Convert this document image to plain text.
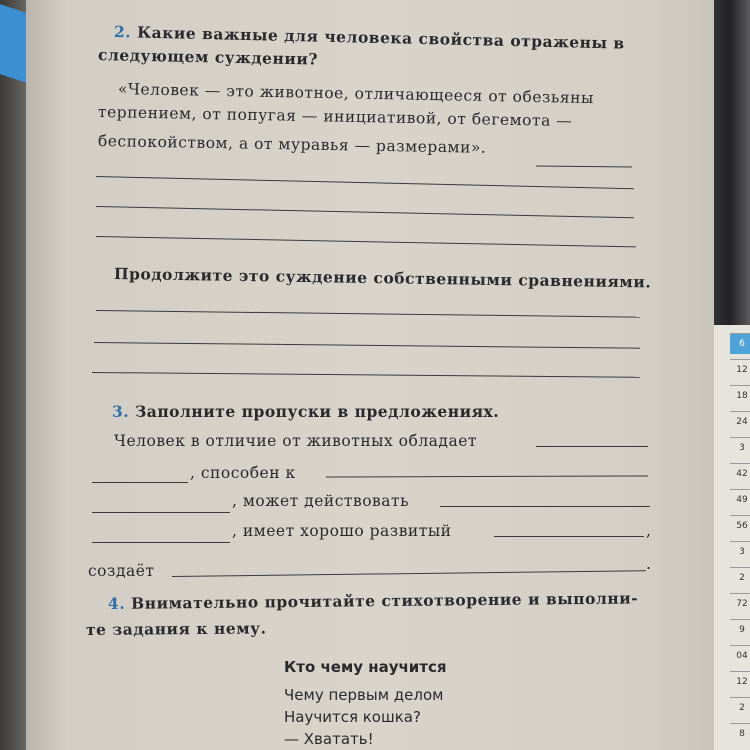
6
12
18
24
3
42
49
56
3
2
72
9
04
12
2
8
2. Какие важные для человека свойства отражены в
следующем суждении?
«Человек — это животное, отличающееся от обезьяны
терпением, от попугая — инициативой, от бегемота —
беспокойством, а от муравья — размерами».
Продолжите это суждение собственными сравнениями.
3. Заполните пропуски в предложениях.
Человек в отличие от животных обладает
, способен к
, может действовать
, имеет хорошо развитый	,
создаёт	.
4. Внимательно прочитайте стихотворение и выполни-
те задания к нему.
Кто чему научится
Чему первым делом
Научится кошка?
— Хватать!
